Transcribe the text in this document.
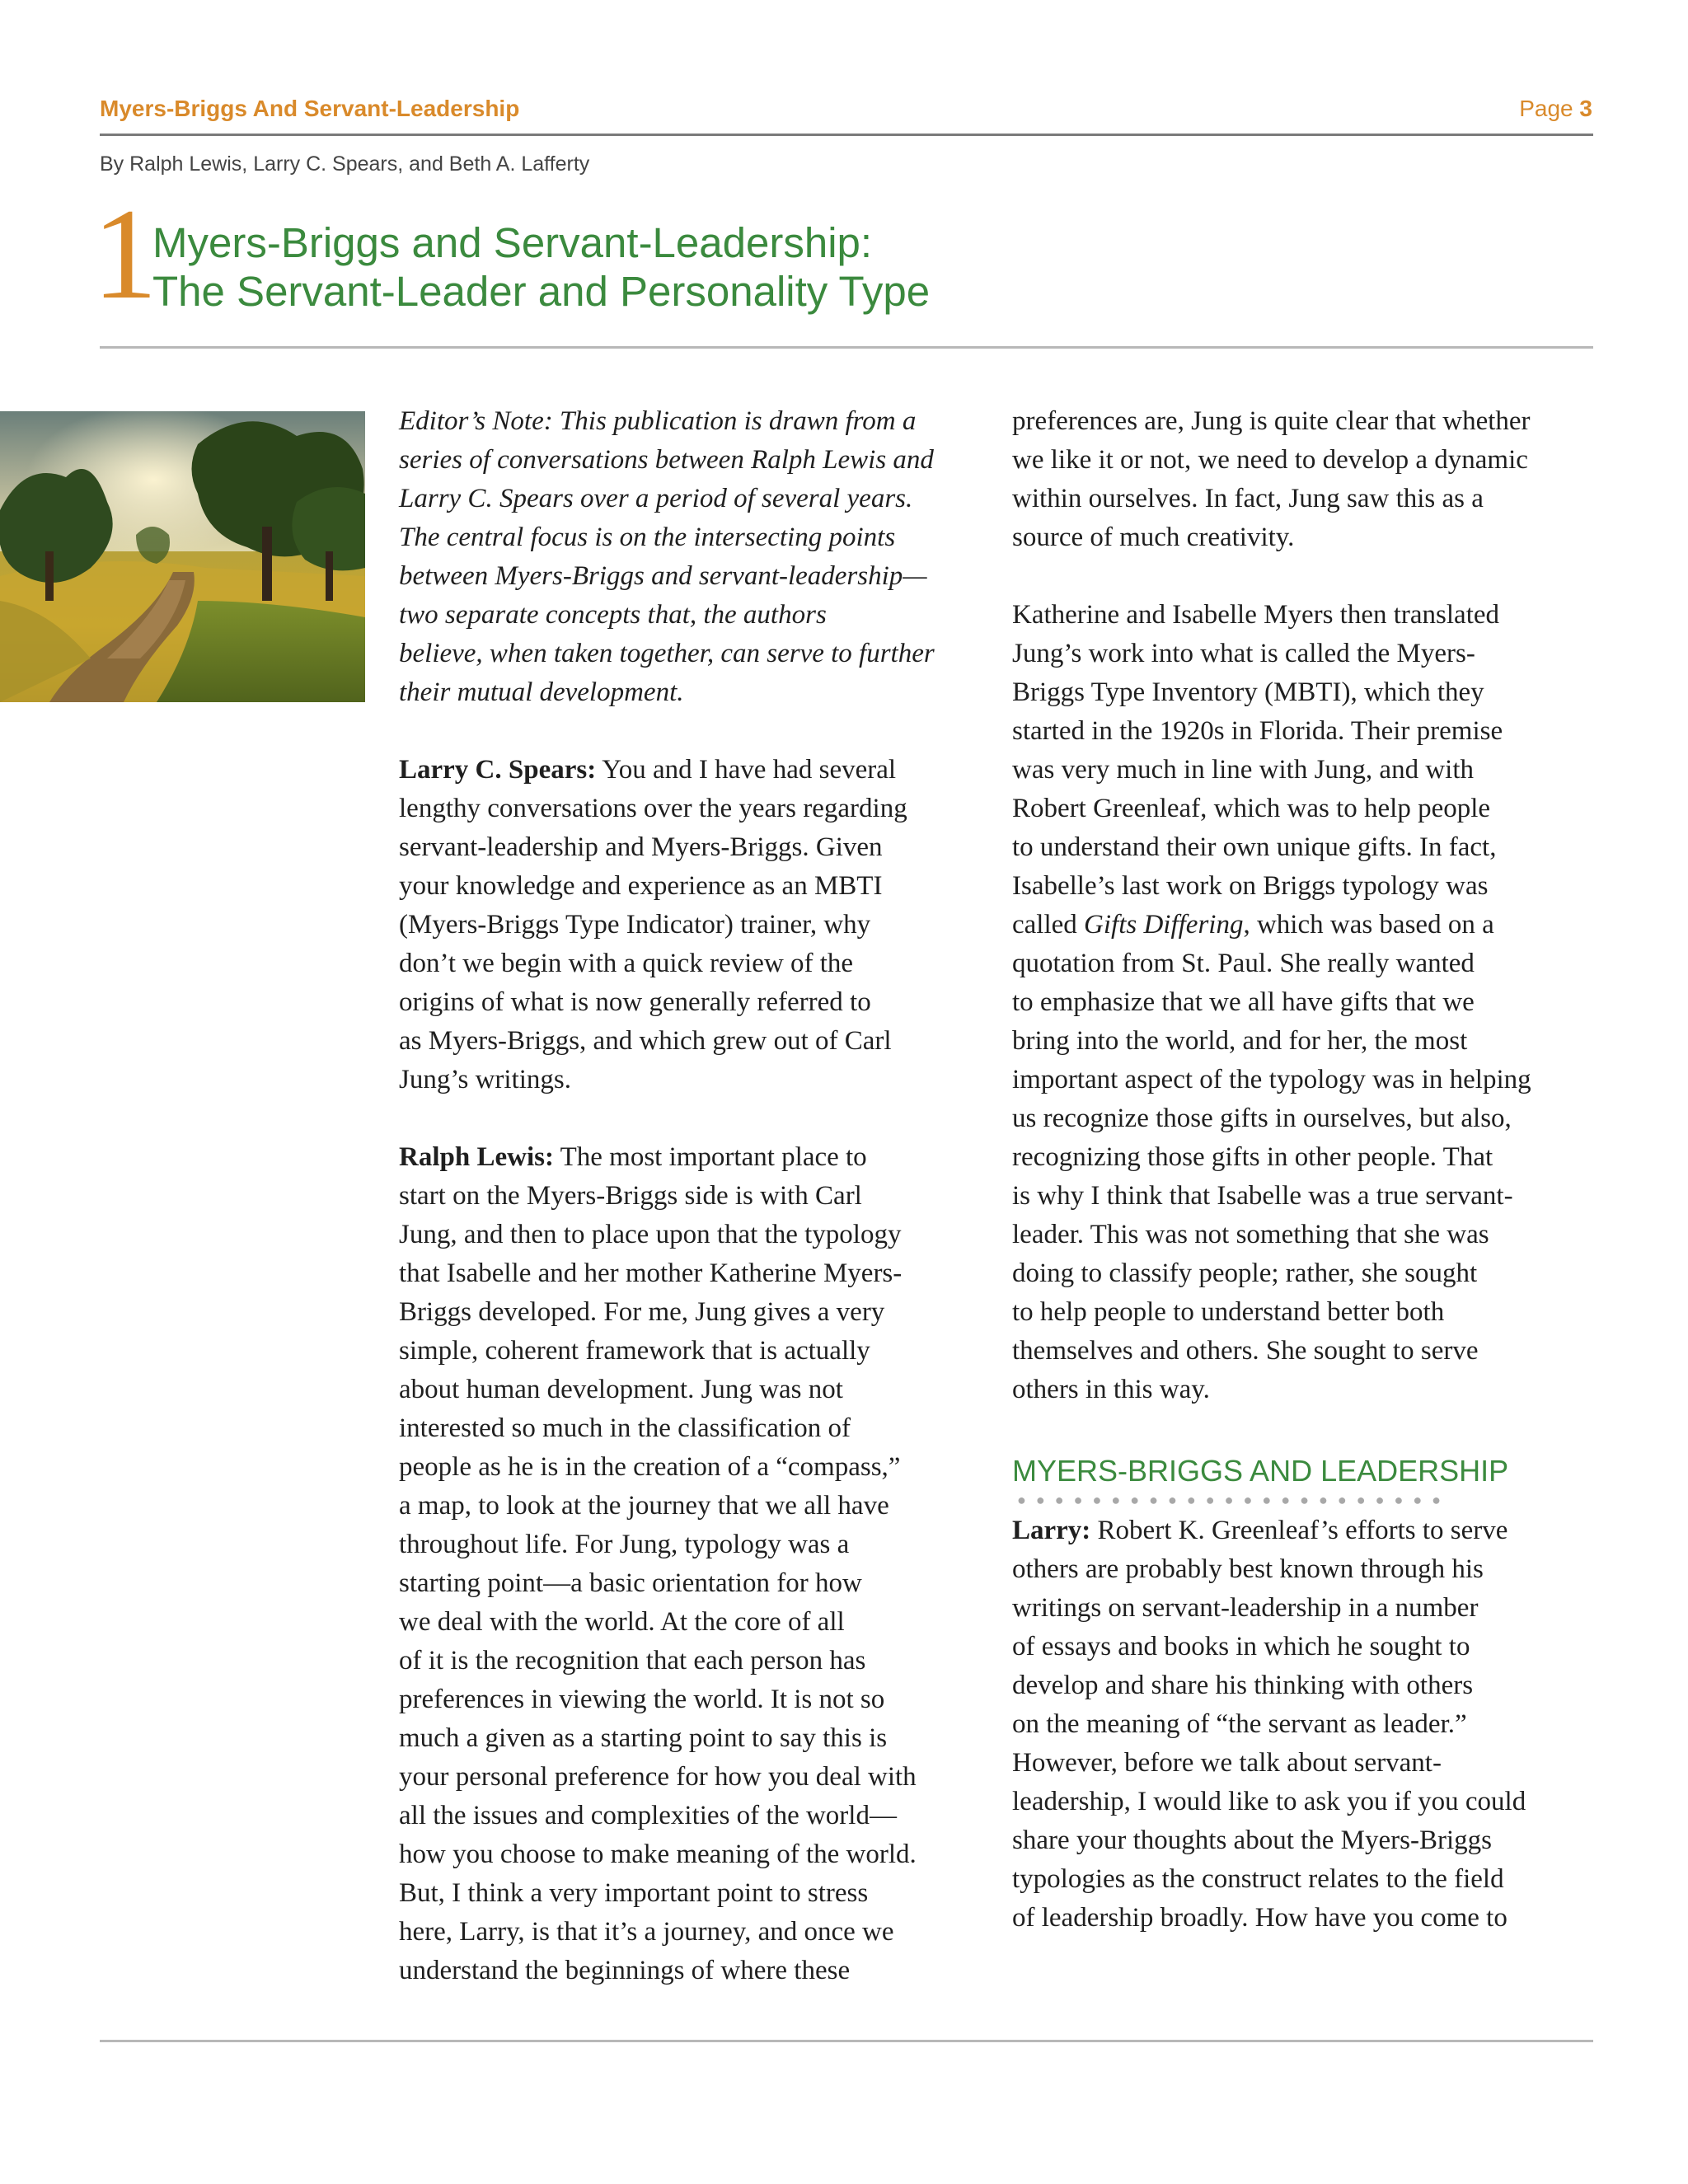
Myers-Briggs And Servant-Leadership	Page 3
By Ralph Lewis, Larry C. Spears, and Beth A. Lafferty
1
Myers-Briggs and Servant-Leadership:
The Servant-Leader and Personality Type
Editor’s Note: This publication is drawn from a
series of conversations between Ralph Lewis and
Larry C. Spears over a period of several years.
The central focus is on the intersecting points
between Myers-Briggs and servant-leadership—
two separate concepts that, the authors
believe, when taken together, can serve to further
their mutual development.
Larry C. Spears: You and I have had several
lengthy conversations over the years regarding
servant-leadership and Myers-Briggs. Given
your knowledge and experience as an MBTI
(Myers-Briggs Type Indicator) trainer, why
don’t we begin with a quick review of the
origins of what is now generally referred to
as Myers-Briggs, and which grew out of Carl
Jung’s writings.
Ralph Lewis: The most important place to
start on the Myers-Briggs side is with Carl
Jung, and then to place upon that the typology
that Isabelle and her mother Katherine Myers-
Briggs developed. For me, Jung gives a very
simple, coherent framework that is actually
about human development. Jung was not
interested so much in the classification of
people as he is in the creation of a “compass,”
a map, to look at the journey that we all have
throughout life. For Jung, typology was a
starting point—a basic orientation for how
we deal with the world. At the core of all
of it is the recognition that each person has
preferences in viewing the world. It is not so
much a given as a starting point to say this is
your personal preference for how you deal with
all the issues and complexities of the world—
how you choose to make meaning of the world.
But, I think a very important point to stress
here, Larry, is that it’s a journey, and once we
understand the beginnings of where these
preferences are, Jung is quite clear that whether
we like it or not, we need to develop a dynamic
within ourselves. In fact, Jung saw this as a
source of much creativity.
Katherine and Isabelle Myers then translated
Jung’s work into what is called the Myers-
Briggs Type Inventory (MBTI), which they
started in the 1920s in Florida. Their premise
was very much in line with Jung, and with
Robert Greenleaf, which was to help people
to understand their own unique gifts. In fact,
Isabelle’s last work on Briggs typology was
called Gifts Differing, which was based on a
quotation from St. Paul. She really wanted
to emphasize that we all have gifts that we
bring into the world, and for her, the most
important aspect of the typology was in helping
us recognize those gifts in ourselves, but also,
recognizing those gifts in other people. That
is why I think that Isabelle was a true servant-
leader. This was not something that she was
doing to classify people; rather, she sought
to help people to understand better both
themselves and others. She sought to serve
others in this way.
MYERS-BRIGGS AND LEADERSHIP
●●●●●●●●●●●●●●●●●●●●●●●
Larry: Robert K. Greenleaf’s efforts to serve
others are probably best known through his
writings on servant-leadership in a number
of essays and books in which he sought to
develop and share his thinking with others
on the meaning of “the servant as leader.”
However, before we talk about servant-
leadership, I would like to ask you if you could
share your thoughts about the Myers-Briggs
typologies as the construct relates to the field
of leadership broadly. How have you come to
